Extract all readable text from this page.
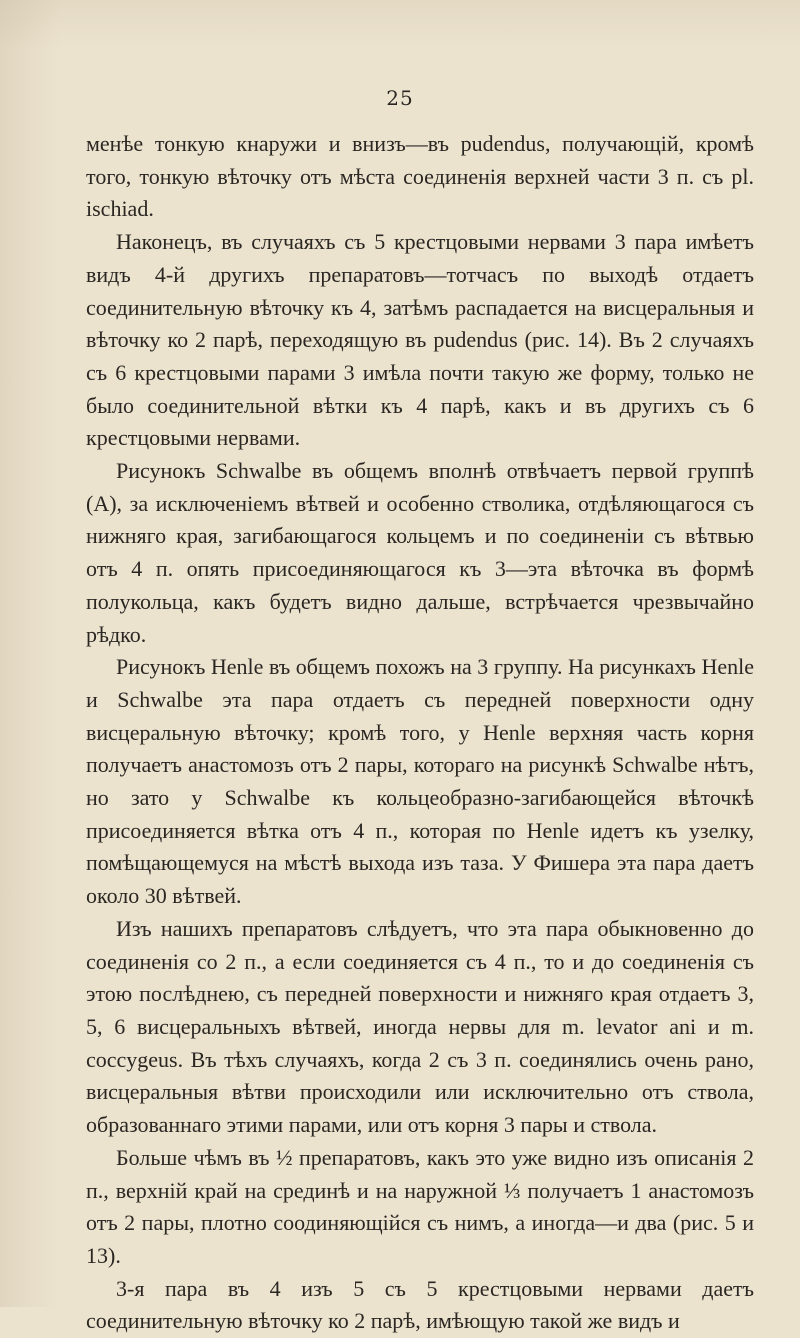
25

менѣе тонкую кнаружи и внизъ—въ pudendus, получающій, кромѣ того, тонкую вѣточку отъ мѣста соединенія верхней части 3 п. съ pl. ischiad.

Наконецъ, въ случаяхъ съ 5 крестцовыми нервами 3 пара имѣетъ видъ 4-й другихъ препаратовъ—тотчасъ по выходѣ отдаетъ соединительную вѣточку къ 4, затѣмъ распадается на висцеральныя и вѣточку ко 2 парѣ, переходящую въ pudendus (рис. 14). Въ 2 случаяхъ съ 6 крестцовыми парами 3 имѣла почти такую же форму, только не было соединительной вѣтки къ 4 парѣ, какъ и въ другихъ съ 6 крестцовыми нервами.

Рисунокъ Schwalbe въ общемъ вполнѣ отвѣчаетъ первой группѣ (А), за исключеніемъ вѣтвей и особенно стволика, отдѣляющагося съ нижняго края, загибающагося кольцемъ и по соединеніи съ вѣтвью отъ 4 п. опять присоединяющагося къ 3—эта вѣточка въ формѣ полукольца, какъ будетъ видно дальше, встрѣчается чрезвычайно рѣдко.

Рисунокъ Henle въ общемъ похожъ на 3 группу. На рисункахъ Henle и Schwalbe эта пара отдаетъ съ передней поверхности одну висцеральную вѣточку; кромѣ того, у Henle верхняя часть корня получаетъ анастомозъ отъ 2 пары, котораго на рисункѣ Schwalbe нѣтъ, но зато у Schwalbe къ кольцеобразно-загибающейся вѣточкѣ присоединяется вѣтка отъ 4 п., которая по Henle идетъ къ узелку, помѣщающемуся на мѣстѣ выхода изъ таза. У Фишера эта пара даетъ около 30 вѣтвей.

Изъ нашихъ препаратовъ слѣдуетъ, что эта пара обыкновенно до соединенія со 2 п., а если соединяется съ 4 п., то и до соединенія съ этою послѣднею, съ передней поверхности и нижняго края отдаетъ 3, 5, 6 висцеральныхъ вѣтвей, иногда нервы для m. levator ani и m. coccygeus. Въ тѣхъ случаяхъ, когда 2 съ 3 п. соединялись очень рано, висцеральныя вѣтви происходили или исключительно отъ ствола, образованнаго этими парами, или отъ корня 3 пары и ствола.

Больше чѣмъ въ ½ препаратовъ, какъ это уже видно изъ описанія 2 п., верхній край на срединѣ и на наружной ⅓ получаетъ 1 анастомозъ отъ 2 пары, плотно соодиняющійся съ нимъ, а иногда—и два (рис. 5 и 13).

3-я пара въ 4 изъ 5 съ 5 крестцовыми нервами даетъ соединительную вѣточку ко 2 парѣ, имѣющую такой же видъ и
